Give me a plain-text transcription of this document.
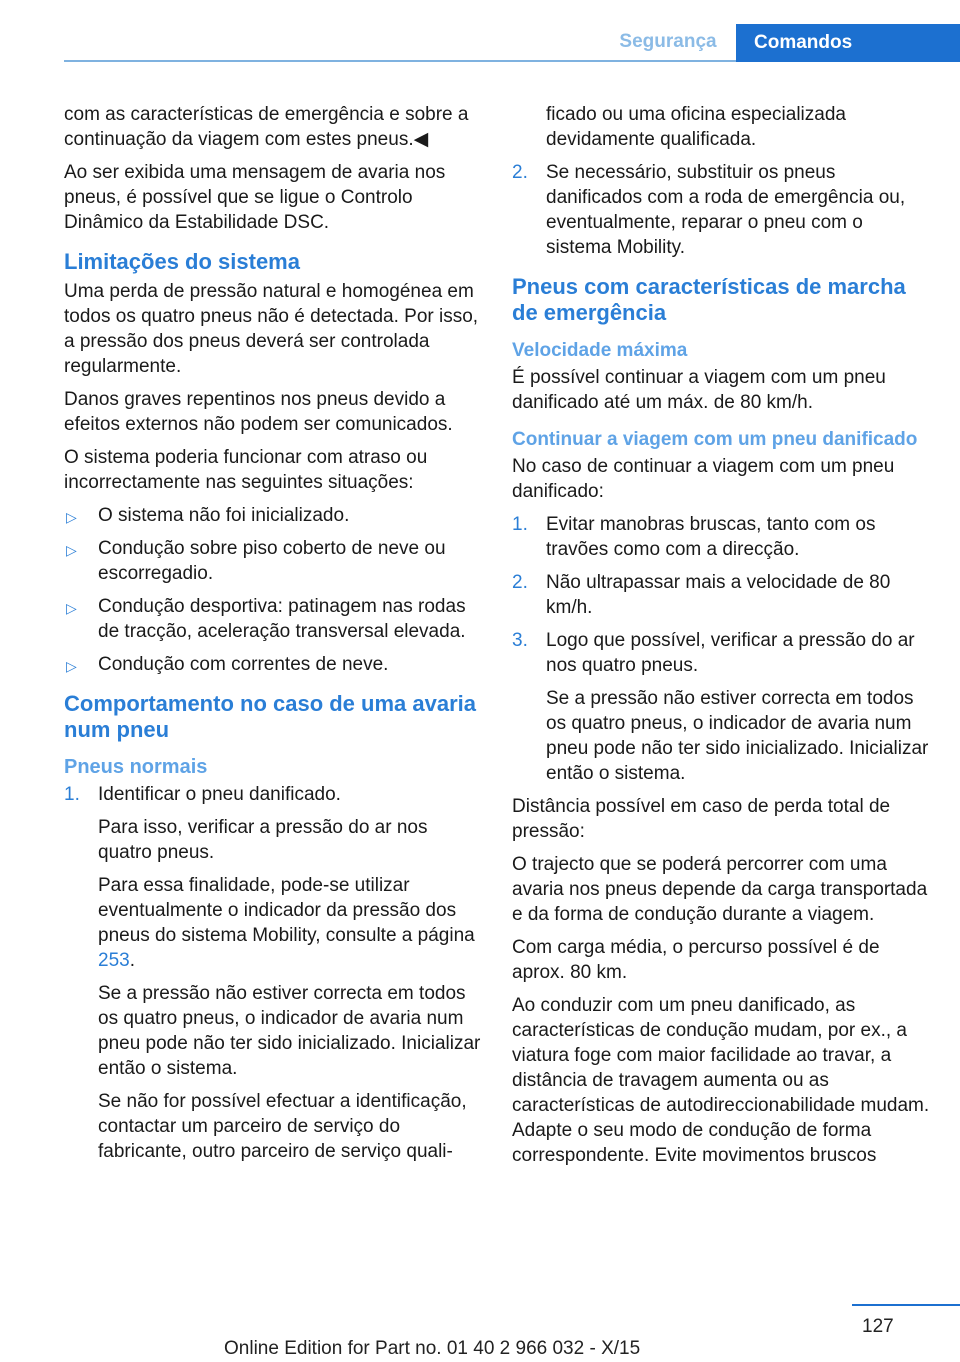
Segurança	Comandos

com as características de emergência e sobre a continuação da viagem com estes pneus.◀

Ao ser exibida uma mensagem de avaria nos pneus, é possível que se ligue o Controlo Dinâmico da Estabilidade DSC.

Limitações do sistema

Uma perda de pressão natural e homogénea em todos os quatro pneus não é detectada. Por isso, a pressão dos pneus deverá ser controlada regularmente.

Danos graves repentinos nos pneus devido a efeitos externos não podem ser comunicados.

O sistema poderia funcionar com atraso ou incorrectamente nas seguintes situações:

▷ O sistema não foi inicializado.

▷ Condução sobre piso coberto de neve ou escorregadio.

▷ Condução desportiva: patinagem nas rodas de tracção, aceleração transversal elevada.

▷ Condução com correntes de neve.

Comportamento no caso de uma avaria num pneu
Pneus normais

1. Identificar o pneu danificado.

Para isso, verificar a pressão do ar nos quatro pneus.

Para essa finalidade, pode-se utilizar eventualmente o indicador da pressão dos pneus do sistema Mobility, consulte a página 253.

Se a pressão não estiver correcta em todos os quatro pneus, o indicador de avaria num pneu pode não ter sido inicializado. Inicializar então o sistema.

Se não for possível efectuar a identificação, contactar um parceiro de serviço do fabricante, outro parceiro de serviço quali-

ficado ou uma oficina especializada devidamente qualificada.

2. Se necessário, substituir os pneus danificados com a roda de emergência ou, eventualmente, reparar o pneu com o sistema Mobility.

Pneus com características de marcha de emergência
Velocidade máxima

É possível continuar a viagem com um pneu danificado até um máx. de 80 km/h.

Continuar a viagem com um pneu danificado

No caso de continuar a viagem com um pneu danificado:

1. Evitar manobras bruscas, tanto com os travões como com a direcção.

2. Não ultrapassar mais a velocidade de 80 km/h.

3. Logo que possível, verificar a pressão do ar nos quatro pneus.

Se a pressão não estiver correcta em todos os quatro pneus, o indicador de avaria num pneu pode não ter sido inicializado. Inicializar então o sistema.

Distância possível em caso de perda total de pressão:

O trajecto que se poderá percorrer com uma avaria nos pneus depende da carga transportada e da forma de condução durante a viagem.

Com carga média, o percurso possível é de aprox. 80 km.

Ao conduzir com um pneu danificado, as características de condução mudam, por ex., a viatura foge com maior facilidade ao travar, a distância de travagem aumenta ou as características de autodireccionabilidade mudam. Adapte o seu modo de condução de forma correspondente. Evite movimentos bruscos

127
Online Edition for Part no. 01 40 2 966 032 - X/15
